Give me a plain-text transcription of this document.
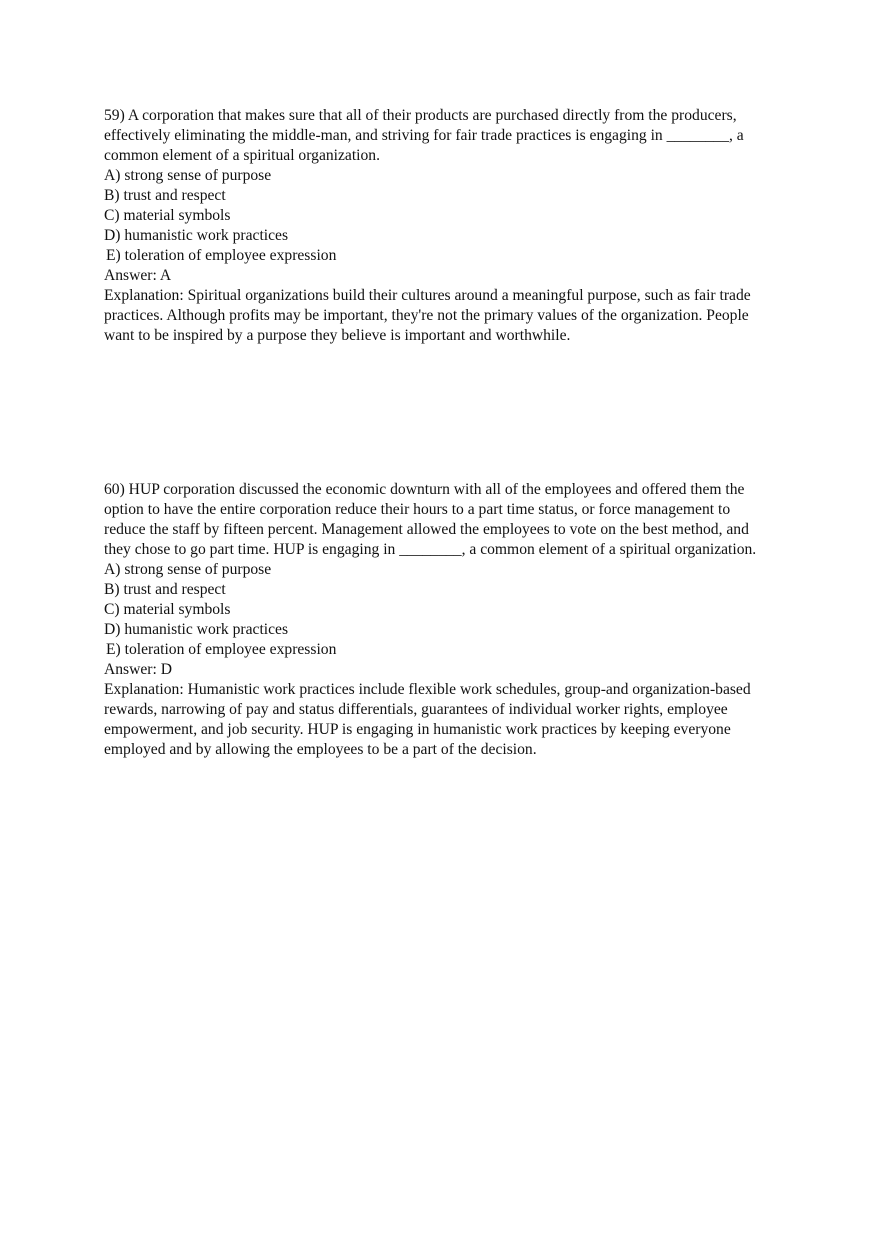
59) A corporation that makes sure that all of their products are purchased directly from the producers, effectively eliminating the middle-man, and striving for fair trade practices is engaging in ________, a common element of a spiritual organization.

A) strong sense of purpose

B) trust and respect

C) material symbols

D) humanistic work practices

E) toleration of employee expression

Answer: A

Explanation: Spiritual organizations build their cultures around a meaningful purpose, such as fair trade practices. Although profits may be important, they're not the primary values of the organization. People want to be inspired by a purpose they believe is important and worthwhile.

60) HUP corporation discussed the economic downturn with all of the employees and offered them the option to have the entire corporation reduce their hours to a part time status, or force management to reduce the staff by fifteen percent. Management allowed the employees to vote on the best method, and they chose to go part time. HUP is engaging in ________, a common element of a spiritual organization.

A) strong sense of purpose

B) trust and respect

C) material symbols

D) humanistic work practices

E) toleration of employee expression

Answer: D

Explanation: Humanistic work practices include flexible work schedules, group-and organization-based rewards, narrowing of pay and status differentials, guarantees of individual worker rights, employee empowerment, and job security. HUP is engaging in humanistic work practices by keeping everyone employed and by allowing the employees to be a part of the decision.
